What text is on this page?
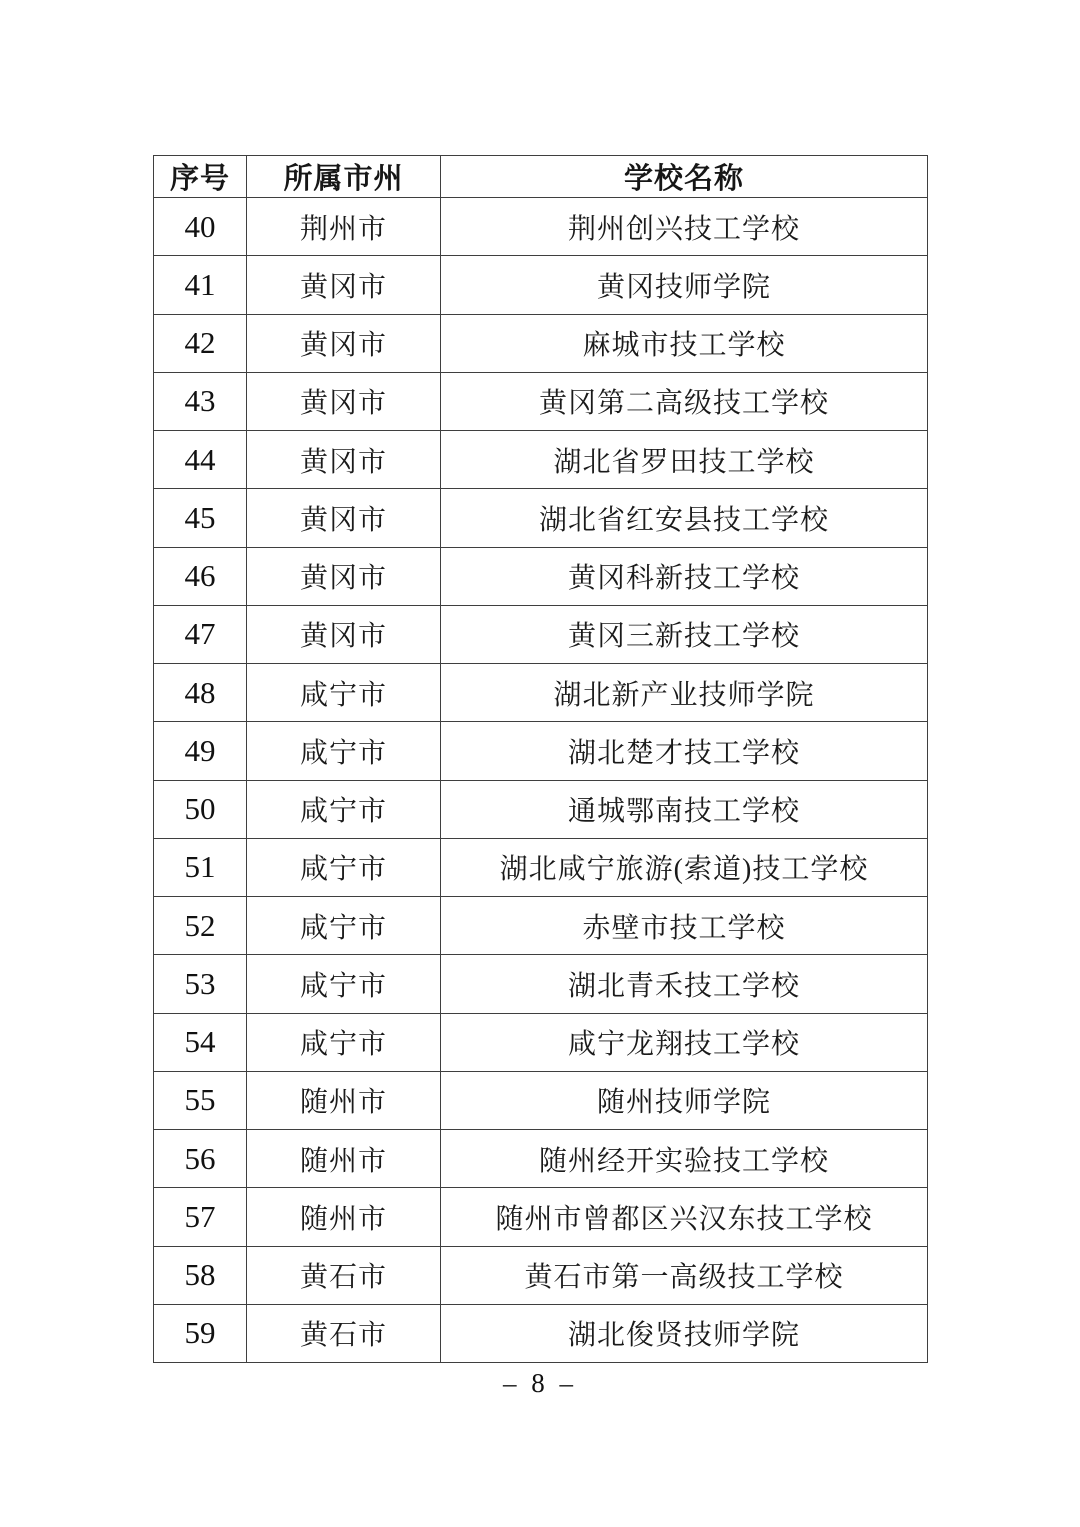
序号	所属市州	学校名称
40	荆州市	荆州创兴技工学校
41	黄冈市	黄冈技师学院
42	黄冈市	麻城市技工学校
43	黄冈市	黄冈第二高级技工学校
44	黄冈市	湖北省罗田技工学校
45	黄冈市	湖北省红安县技工学校
46	黄冈市	黄冈科新技工学校
47	黄冈市	黄冈三新技工学校
48	咸宁市	湖北新产业技师学院
49	咸宁市	湖北楚才技工学校
50	咸宁市	通城鄂南技工学校
51	咸宁市	湖北咸宁旅游(索道)技工学校
52	咸宁市	赤壁市技工学校
53	咸宁市	湖北青禾技工学校
54	咸宁市	咸宁龙翔技工学校
55	随州市	随州技师学院
56	随州市	随州经开实验技工学校
57	随州市	随州市曾都区兴汉东技工学校
58	黄石市	黄石市第一高级技工学校
59	黄石市	湖北俊贤技师学院
– 8 –
